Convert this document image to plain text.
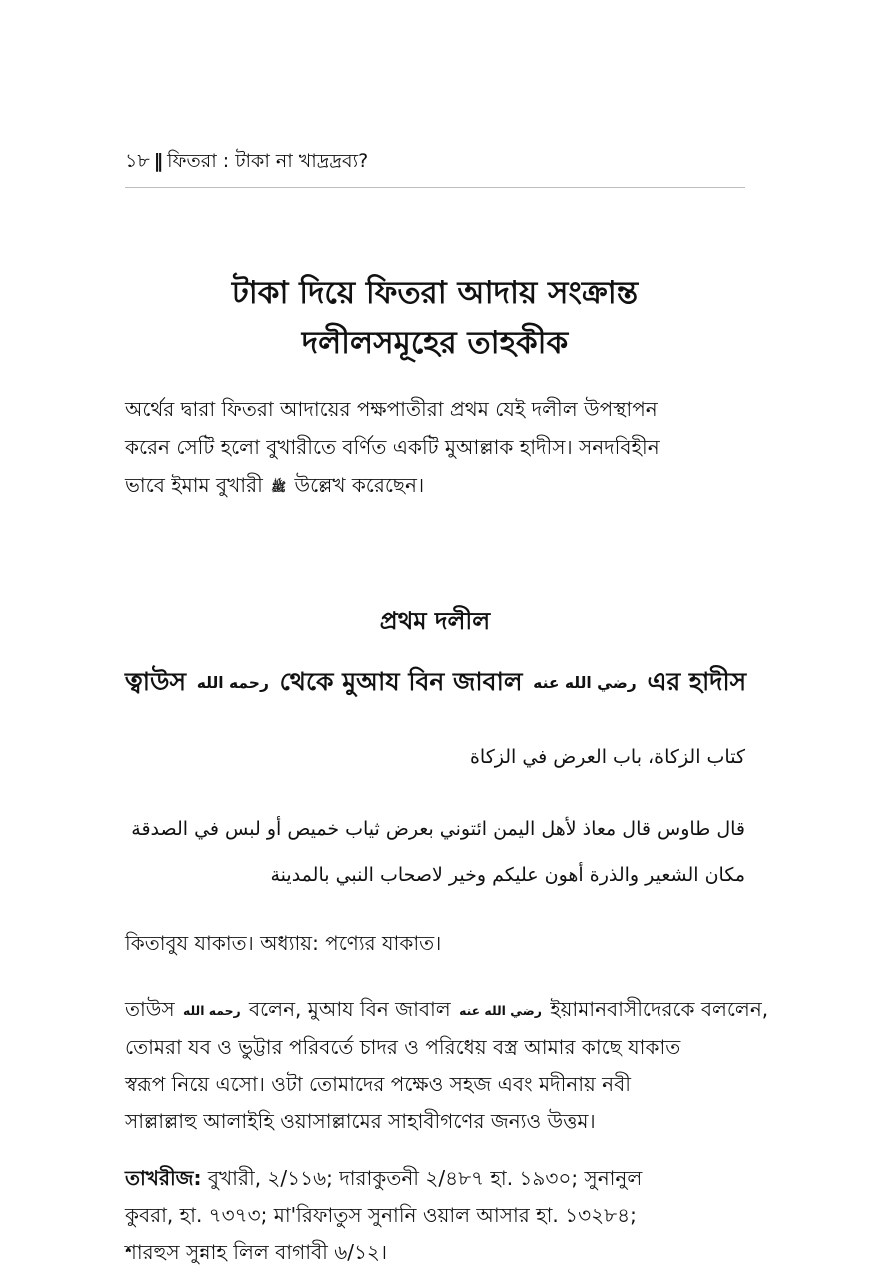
১৮ ‖ ফিতরা : টাকা না খাদ্রদ্রব্য?
টাকা দিয়ে ফিতরা আদায় সংক্রান্ত
দলীলসমূহের তাহকীক
অর্থের দ্বারা ফিতরা আদায়ের পক্ষপাতীরা প্রথম যেই দলীল উপস্থাপন
করেন সেটি হলো বুখারীতে বর্ণিত একটি মুআল্লাক হাদীস। সনদবিহীন
ভাবে ইমাম বুখারী ﷺ উল্লেখ করেছেন।
প্রথম দলীল
ত্বাউস رحمه الله থেকে মুআয বিন জাবাল رضي الله عنه এর হাদীস
كتاب الزكاة، باب العرض في الزكاة
قال طاوس قال معاذ لأهل اليمن ائتوني بعرض ثياب خميص أو لبس في الصدقة
مكان الشعير والذرة أهون عليكم وخير لاصحاب النبي بالمدينة
কিতাবুয যাকাত। অধ্যায়: পণ্যের যাকাত।
তাউস رحمه الله বলেন, মুআয বিন জাবাল رضي الله عنه ইয়ামানবাসীদেরকে বললেন,
তোমরা যব ও ভুট্টার পরিবর্তে চাদর ও পরিধেয় বস্ত্র আমার কাছে যাকাত
স্বরূপ নিয়ে এসো। ওটা তোমাদের পক্ষেও সহজ এবং মদীনায় নবী
সাল্লাল্লাহু আলাইহি ওয়াসাল্লামের সাহাবীগণের জন্যও উত্তম।
তাখরীজ: বুখারী, ২/১১৬; দারাকুতনী ২/৪৮৭ হা. ১৯৩০; সুনানুল
কুবরা, হা. ৭৩৭৩; মা'রিফাতুস সুনানি ওয়াল আসার হা. ১৩২৮৪;
শারহুস সুন্নাহ লিল বাগাবী ৬/১২।
